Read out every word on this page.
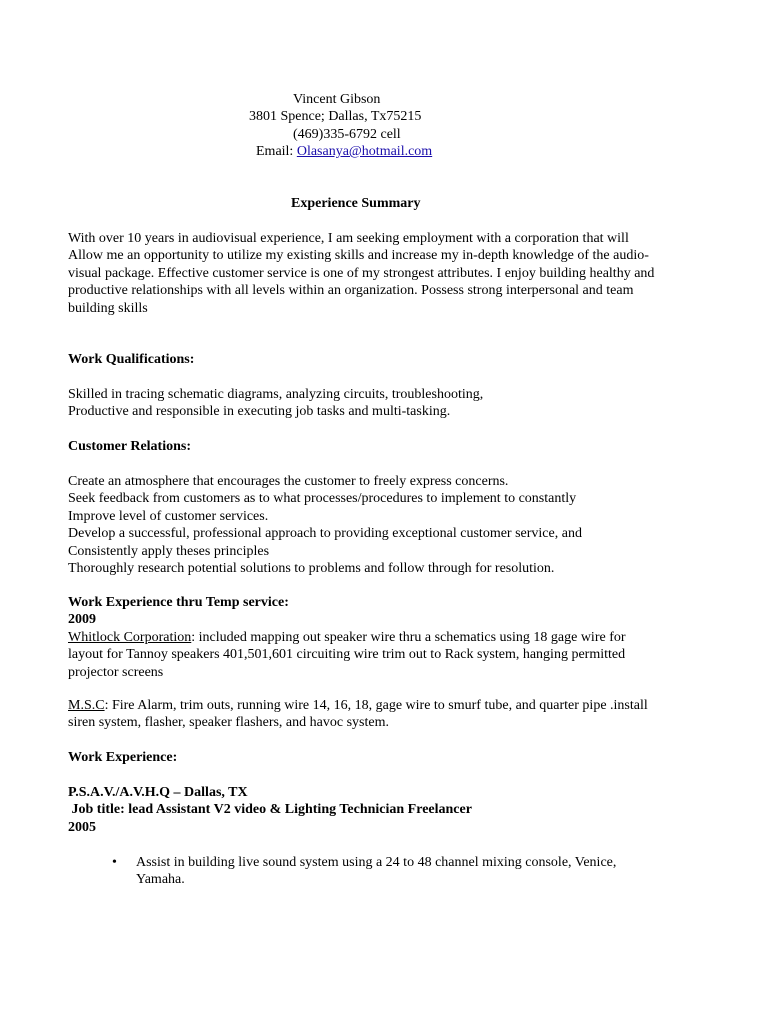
Vincent Gibson
3801 Spence; Dallas, Tx75215
(469)335-6792 cell
Email: Olasanya@hotmail.com
Experience Summary
With over 10 years in audiovisual experience, I am seeking employment with a corporation that will
Allow me an opportunity to utilize my existing skills and increase my in-depth knowledge of the audio-
visual package. Effective customer service is one of my strongest attributes. I enjoy building healthy and
productive relationships with all levels within an organization. Possess strong interpersonal and team
building skills
Work Qualifications:
Skilled in tracing schematic diagrams, analyzing circuits, troubleshooting,
Productive and responsible in executing job tasks and multi-tasking.
Customer Relations:
Create an atmosphere that encourages the customer to freely express concerns.
Seek feedback from customers as to what processes/procedures to implement to constantly
Improve level of customer services.
Develop a successful, professional approach to providing exceptional customer service, and
Consistently apply theses principles
Thoroughly research potential solutions to problems and follow through for resolution.
Work Experience thru Temp service:
2009
Whitlock Corporation: included mapping out speaker wire thru a schematics using 18 gage wire for
layout for Tannoy speakers 401,501,601 circuiting wire trim out to Rack system, hanging permitted
projector screens
M.S.C: Fire Alarm, trim outs, running wire 14, 16, 18, gage wire to smurf tube, and quarter pipe .install
siren system, flasher, speaker flashers, and havoc system.
Work Experience:
P.S.A.V./A.V.H.Q – Dallas, TX
Job title: lead Assistant V2 video & Lighting Technician Freelancer
2005
• Assist in building live sound system using a 24 to 48 channel mixing console, Venice,
Yamaha.
